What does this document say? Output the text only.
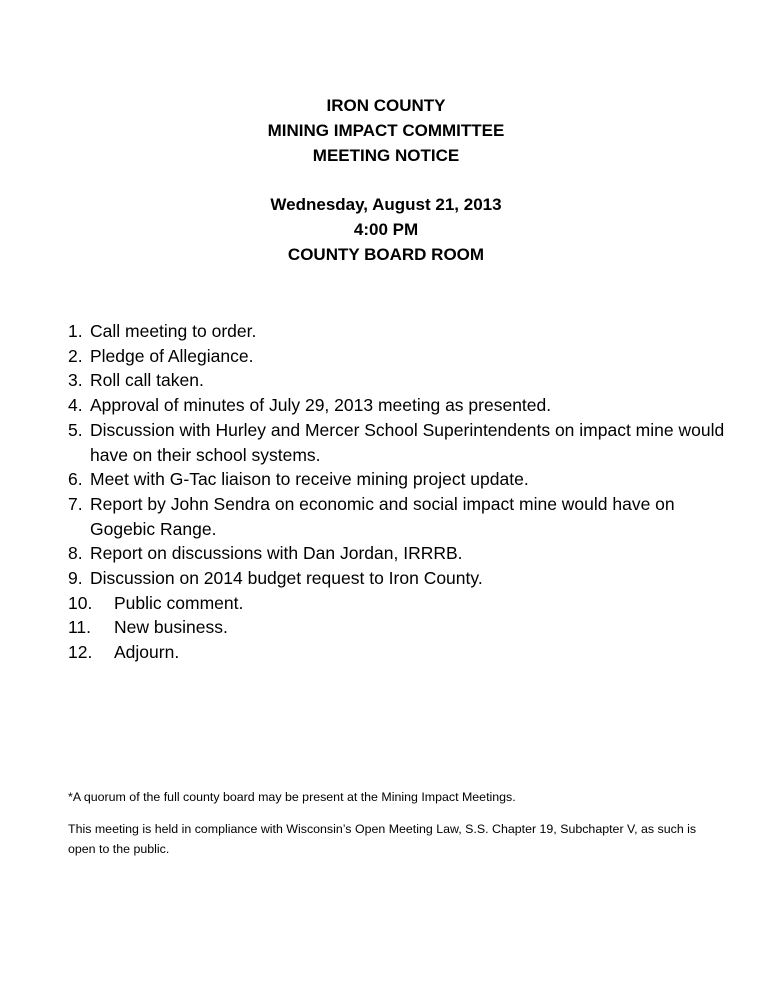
IRON COUNTY
MINING IMPACT COMMITTEE
MEETING NOTICE
Wednesday, August 21, 2013
4:00 PM
COUNTY BOARD ROOM
1. Call meeting to order.
2. Pledge of Allegiance.
3. Roll call taken.
4. Approval of minutes of July 29, 2013 meeting as presented.
5. Discussion with Hurley and Mercer School Superintendents on impact mine would have on their school systems.
6. Meet with G-Tac liaison to receive mining project update.
7. Report by John Sendra on economic and social impact mine would have on Gogebic Range.
8. Report on discussions with Dan Jordan, IRRRB.
9. Discussion on 2014 budget request to Iron County.
10. Public comment.
11. New business.
12. Adjourn.
*A quorum of the full county board may be present at the Mining Impact Meetings.
This meeting is held in compliance with Wisconsin’s Open Meeting Law, S.S. Chapter 19, Subchapter V, as such is open to the public.
